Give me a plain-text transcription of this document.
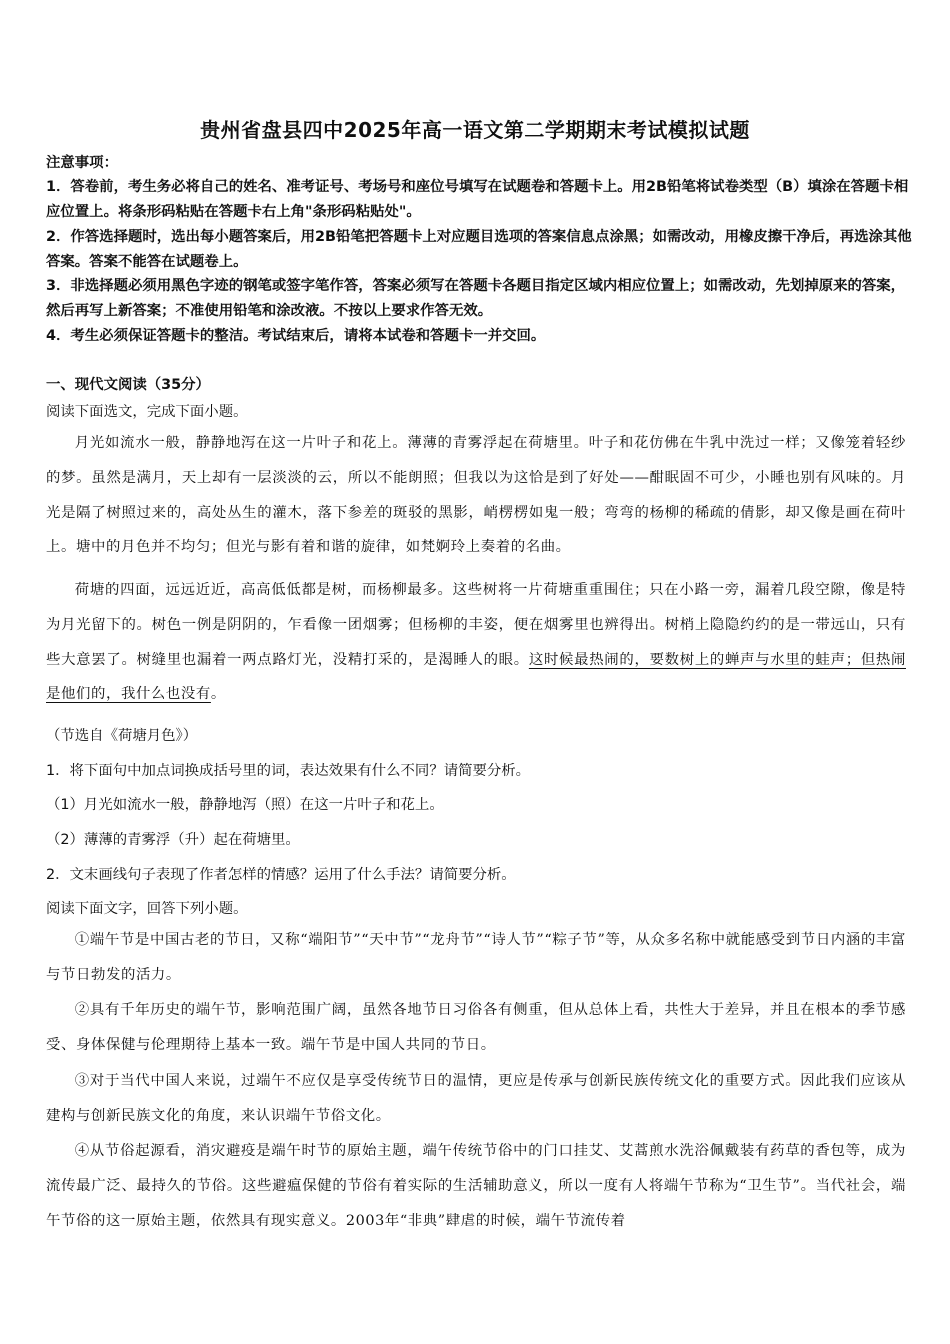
贵州省盘县四中2025年高一语文第二学期期末考试模拟试题
注意事项：
1．答卷前，考生务必将自己的姓名、准考证号、考场号和座位号填写在试题卷和答题卡上。用2B铅笔将试卷类型（B）填涂在答题卡相应位置上。将条形码粘贴在答题卡右上角"条形码粘贴处"。
2．作答选择题时，选出每小题答案后，用2B铅笔把答题卡上对应题目选项的答案信息点涂黑；如需改动，用橡皮擦干净后，再选涂其他答案。答案不能答在试题卷上。
3．非选择题必须用黑色字迹的钢笔或签字笔作答，答案必须写在答题卡各题目指定区域内相应位置上；如需改动，先划掉原来的答案，然后再写上新答案；不准使用铅笔和涂改液。不按以上要求作答无效。
4．考生必须保证答题卡的整洁。考试结束后，请将本试卷和答题卡一并交回。
一、现代文阅读（35分）
阅读下面选文，完成下面小题。
月光如流水一般，静静地泻在这一片叶子和花上。薄薄的青雾浮起在荷塘里。叶子和花仿佛在牛乳中洗过一样；又像笼着轻纱的梦。虽然是满月，天上却有一层淡淡的云，所以不能朗照；但我以为这恰是到了好处——酣眠固不可少，小睡也别有风味的。月光是隔了树照过来的，高处丛生的灌木，落下参差的斑驳的黑影，峭楞楞如鬼一般；弯弯的杨柳的稀疏的倩影，却又像是画在荷叶上。塘中的月色并不均匀；但光与影有着和谐的旋律，如梵婀玲上奏着的名曲。
荷塘的四面，远远近近，高高低低都是树，而杨柳最多。这些树将一片荷塘重重围住；只在小路一旁，漏着几段空隙，像是特为月光留下的。树色一例是阴阴的，乍看像一团烟雾；但杨柳的丰姿，便在烟雾里也辨得出。树梢上隐隐约约的是一带远山，只有些大意罢了。树缝里也漏着一两点路灯光，没精打采的，是渴睡人的眼。这时候最热闹的，要数树上的蝉声与水里的蛙声；但热闹是他们的，我什么也没有。
（节选自《荷塘月色》）
1．将下面句中加点词换成括号里的词，表达效果有什么不同？请简要分析。
（1）月光如流水一般，静静地泻（照）在这一片叶子和花上。
（2）薄薄的青雾浮（升）起在荷塘里。
2．文末画线句子表现了作者怎样的情感？运用了什么手法？请简要分析。
阅读下面文字，回答下列小题。
①端午节是中国古老的节日，又称“端阳节”“天中节”“龙舟节”“诗人节”“粽子节”等，从众多名称中就能感受到节日内涵的丰富与节日勃发的活力。
②具有千年历史的端午节，影响范围广阔，虽然各地节日习俗各有侧重，但从总体上看，共性大于差异，并且在根本的季节感受、身体保健与伦理期待上基本一致。端午节是中国人共同的节日。
③对于当代中国人来说，过端午不应仅是享受传统节日的温情，更应是传承与创新民族传统文化的重要方式。因此我们应该从建构与创新民族文化的角度，来认识端午节俗文化。
④从节俗起源看，消灾避疫是端午时节的原始主题，端午传统节俗中的门口挂艾、艾蒿煎水洗浴佩戴装有药草的香包等，成为流传最广泛、最持久的节俗。这些避瘟保健的节俗有着实际的生活辅助意义，所以一度有人将端午节称为“卫生节”。当代社会，端午节俗的这一原始主题，依然具有现实意义。2003年“非典”肆虐的时候，端午节流传着
